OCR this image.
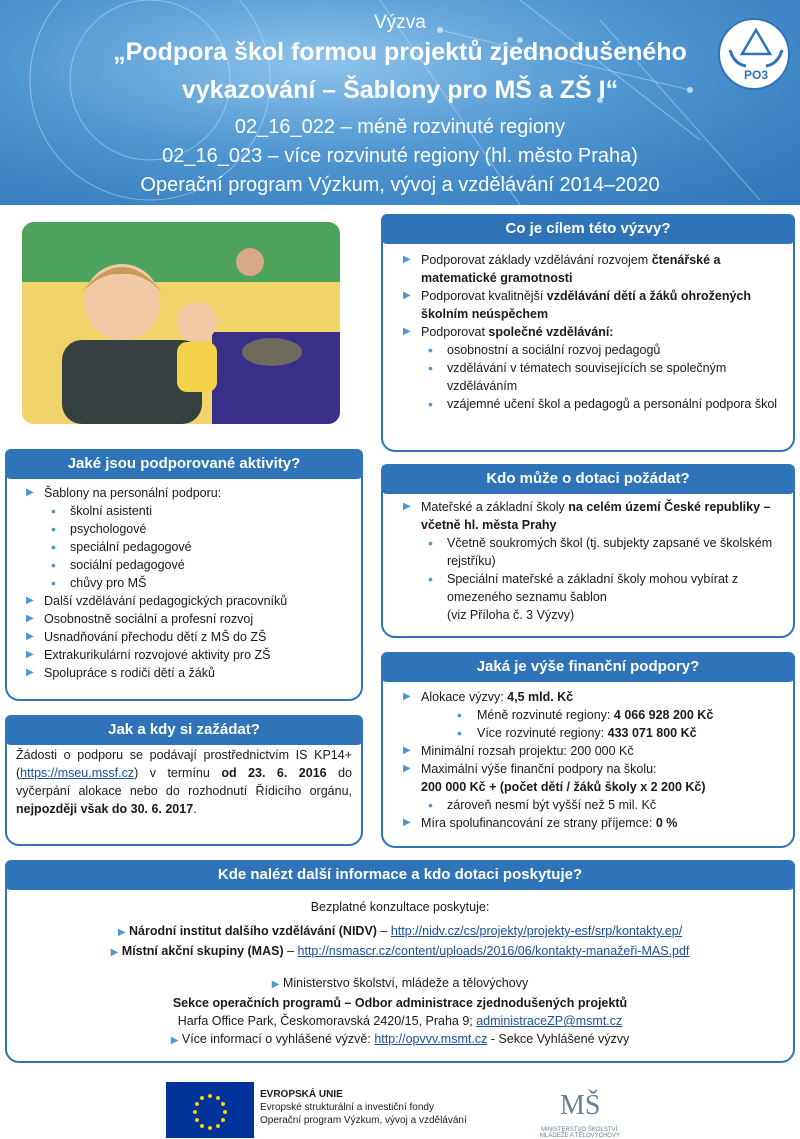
Výzva
„Podpora škol formou projektů zjednodušeného
vykazování – Šablony pro MŠ a ZŠ I“
02_16_022 – méně rozvinuté regiony
02_16_023 – více rozvinuté regiony (hl. město Praha)
Operační program Výzkum, vývoj a vzdělávání 2014–2020
PO3
Co je cílem této výzvy?
▶ Podporovat základy vzdělávání rozvojem čtenářské a matematické gramotnosti
▶ Podporovat kvalitnější vzdělávání dětí a žáků ohrožených školním neúspěchem
▶ Podporovat společné vzdělávání:
• osobnostní a sociální rozvoj pedagogů
• vzdělávání v tématech souvisejících se společným vzděláváním
• vzájemné učení škol a pedagogů a personální podpora škol
Jaké jsou podporované aktivity?
▶ Šablony na personální podporu:
• školní asistenti
• psychologové
• speciální pedagogové
• sociální pedagogové
• chůvy pro MŠ
▶ Další vzdělávání pedagogických pracovníků
▶ Osobnostně sociální a profesní rozvoj
▶ Usnadňování přechodu dětí z MŠ do ZŠ
▶ Extrakurikulární rozvojové aktivity pro ZŠ
▶ Spolupráce s rodiči dětí a žáků
Kdo může o dotaci požádat?
▶ Mateřské a základní školy na celém území České republiky – včetně hl. města Prahy
• Včetně soukromých škol (tj. subjekty zapsané ve školském rejstříku)
• Speciální mateřské a základní školy mohou vybírat z omezeného seznamu šablon
(viz Příloha č. 3 Výzvy)
Jaká je výše finanční podpory?
▶ Alokace výzvy: 4,5 mld. Kč
• Méně rozvinuté regiony: 4 066 928 200 Kč
• Více rozvinuté regiony: 433 071 800 Kč
▶ Minimální rozsah projektu: 200 000 Kč
▶ Maximální výše finanční podpory na školu:
200 000 Kč + (počet dětí / žáků školy x 2 200 Kč)
• zároveň nesmí být vyšší než 5 mil. Kč
▶ Míra spolufinancování ze strany příjemce: 0 %
Jak a kdy si zažádat?
Žádosti o podporu se podávají prostřednictvím IS KP14+ (https://mseu.mssf.cz) v termínu od 23. 6. 2016 do vyčerpání alokace nebo do rozhodnutí Řídicího orgánu, nejpozději však do 30. 6. 2017.
Kde nalézt další informace a kdo dotaci poskytuje?
Bezplatné konzultace poskytuje:
▶ Národní institut dalšího vzdělávání (NIDV) – http://nidv.cz/cs/projekty/projekty-esf/srp/kontakty.ep/
▶ Místní akční skupiny (MAS) – http://nsmascr.cz/content/uploads/2016/06/kontakty-manažeři-MAS.pdf
▶ Ministerstvo školství, mládeže a tělovýchovy
Sekce operačních programů – Odbor administrace zjednodušených projektů
Harfa Office Park, Českomoravská 2420/15, Praha 9; administraceZP@msmt.cz
▶ Více informací o vyhlášené výzvě: http://opvvv.msmt.cz - Sekce Vyhlášené výzvy
EVROPSKÁ UNIE
Evropské strukturální a investiční fondy
Operační program Výzkum, vývoj a vzdělávání	MŠ
MINISTERSTVO ŠKOLSTVÍ,
MLÁDEŽE A TĚLOVÝCHOVY
